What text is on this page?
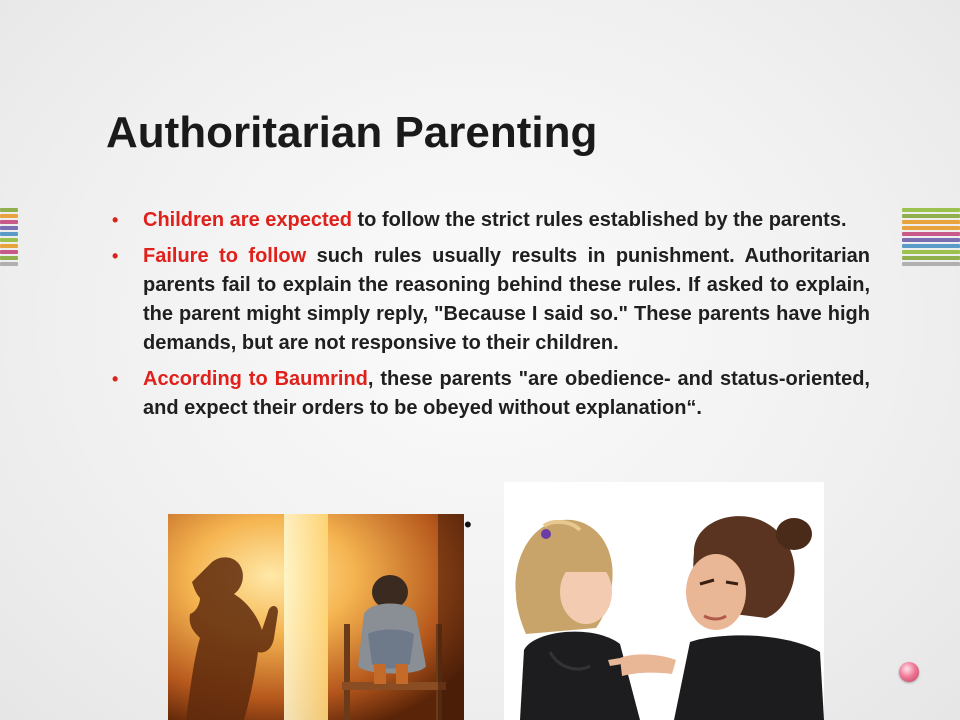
Authoritarian Parenting
• Children are expected to follow the strict rules established by the parents.
• Failure to follow such rules usually results in punishment. Authoritarian parents fail to explain the reasoning behind these rules. If asked to explain, the parent might simply reply, "Because I said so." These parents have high demands, but are not responsive to their children.
• According to Baumrind, these parents "are obedience- and status-oriented, and expect their orders to be obeyed without explanation“.
•
